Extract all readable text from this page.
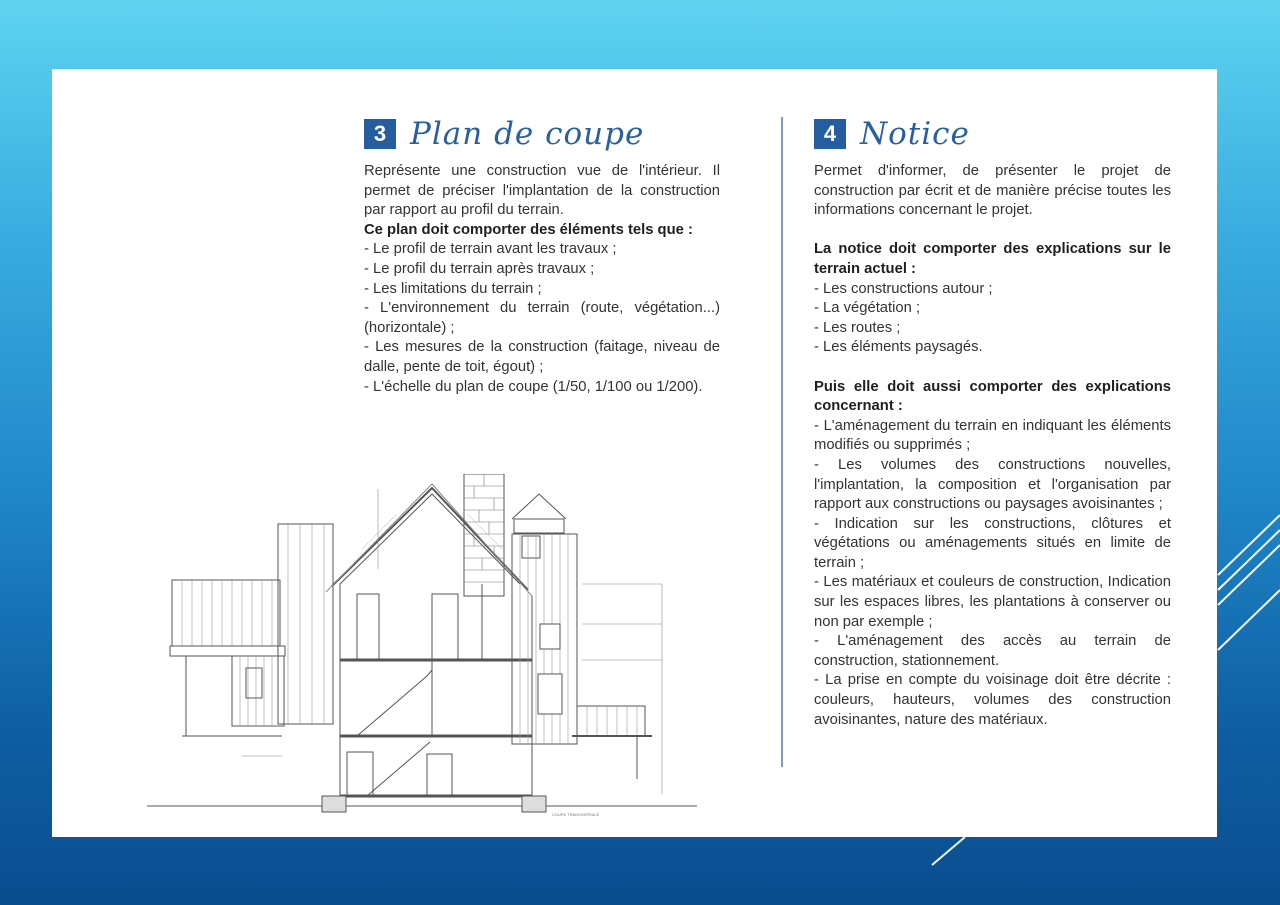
3 Plan de coupe

Représente une construction vue de l'intérieur. Il permet de préciser l'implantation de la construction par rapport au profil du terrain.

Ce plan doit comporter des éléments tels que :

- Le profil de terrain avant les travaux ;

- Le profil du terrain après travaux ;

- Les limitations du terrain ;

- L'environnement du terrain (route, végétation...) (horizontale) ;

- Les mesures de la construction (faitage, niveau de dalle, pente de toit, égout) ;

- L'échelle du plan de coupe (1/50, 1/100 ou 1/200).

COUPE TRANSVERSALE
4 Notice

Permet d'informer, de présenter le projet de construction par écrit et de manière précise toutes les informations concernant le projet.

La notice doit comporter des explications sur le terrain actuel :

- Les constructions autour ;

- La végétation ;

- Les routes ;

- Les éléments paysagés.

Puis elle doit aussi comporter des explications concernant :

- L'aménagement du terrain en indiquant les éléments modifiés ou supprimés ;

- Les volumes des constructions nouvelles, l'implantation, la composition et l'organisation par rapport aux constructions ou paysages avoisinantes ;

- Indication sur les constructions, clôtures et végétations ou aménagements situés en limite de terrain ;

- Les matériaux et couleurs de construction, Indication sur les espaces libres, les plantations à conserver ou non par exemple ;

- L'aménagement des accès au terrain de construction, stationnement.

- La prise en compte du voisinage doit être décrite : couleurs, hauteurs, volumes des construction avoisinantes, nature des matériaux.
